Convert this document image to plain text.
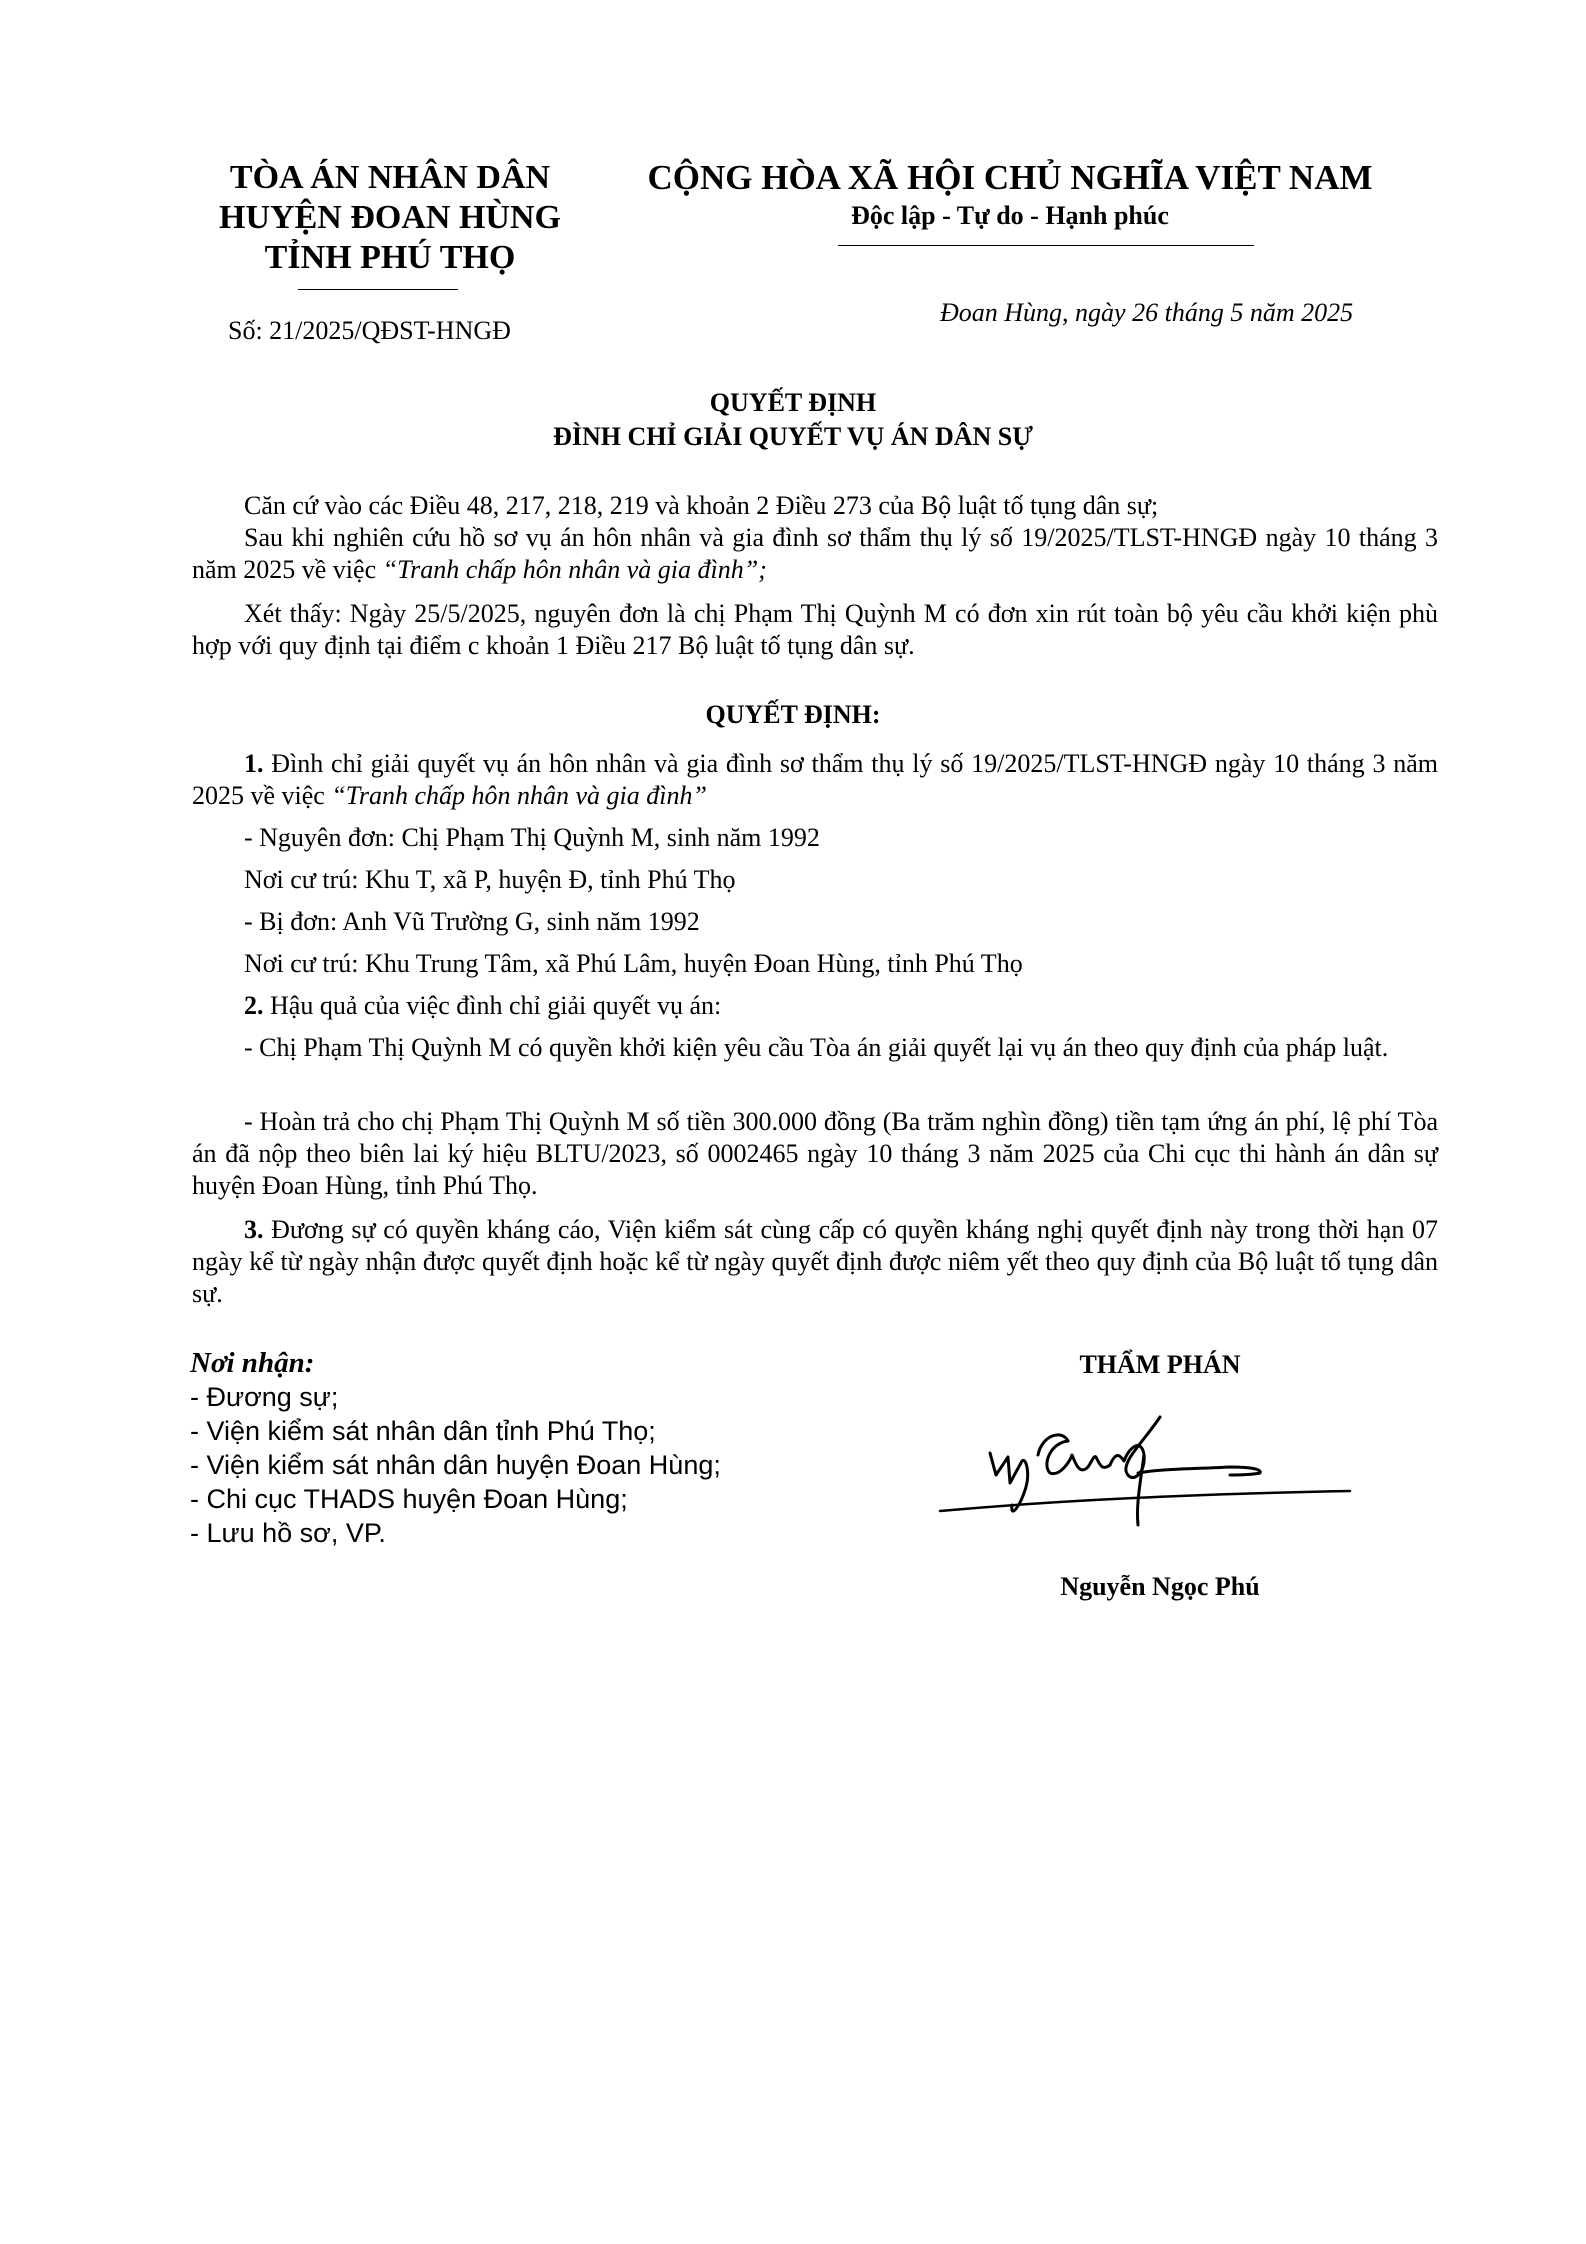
TÒA ÁN NHÂN DÂN
HUYỆN ĐOAN HÙNG
TỈNH PHÚ THỌ
Số: 21/2025/QĐST-HNGĐ
CỘNG HÒA XÃ HỘI CHỦ NGHĨA VIỆT NAM
Độc lập - Tự do - Hạnh phúc
Đoan Hùng, ngày 26 tháng 5 năm 2025
QUYẾT ĐỊNH
ĐÌNH CHỈ GIẢI QUYẾT VỤ ÁN DÂN SỰ
Căn cứ vào các Điều 48, 217, 218, 219 và khoản 2 Điều 273 của Bộ luật tố tụng dân sự;
Sau khi nghiên cứu hồ sơ vụ án hôn nhân và gia đình sơ thẩm thụ lý số 19/2025/TLST-HNGĐ ngày 10 tháng 3 năm 2025 về việc “Tranh chấp hôn nhân và gia đình”;
Xét thấy: Ngày 25/5/2025, nguyên đơn là chị Phạm Thị Quỳnh M có đơn xin rút toàn bộ yêu cầu khởi kiện phù hợp với quy định tại điểm c khoản 1 Điều 217 Bộ luật tố tụng dân sự.
QUYẾT ĐỊNH:
1. Đình chỉ giải quyết vụ án hôn nhân và gia đình sơ thẩm thụ lý số 19/2025/TLST-HNGĐ ngày 10 tháng 3 năm 2025 về việc “Tranh chấp hôn nhân và gia đình”
- Nguyên đơn: Chị Phạm Thị Quỳnh M, sinh năm 1992
Nơi cư trú: Khu T, xã P, huyện Đ, tỉnh Phú Thọ
- Bị đơn: Anh Vũ Trường G, sinh năm 1992
Nơi cư trú: Khu Trung Tâm, xã Phú Lâm, huyện Đoan Hùng, tỉnh Phú Thọ
2. Hậu quả của việc đình chỉ giải quyết vụ án:
- Chị Phạm Thị Quỳnh M có quyền khởi kiện yêu cầu Tòa án giải quyết lại vụ án theo quy định của pháp luật.
- Hoàn trả cho chị Phạm Thị Quỳnh M số tiền 300.000 đồng (Ba trăm nghìn đồng) tiền tạm ứng án phí, lệ phí Tòa án đã nộp theo biên lai ký hiệu BLTU/2023, số 0002465 ngày 10 tháng 3 năm 2025 của Chi cục thi hành án dân sự huyện Đoan Hùng, tỉnh Phú Thọ.
3. Đương sự có quyền kháng cáo, Viện kiểm sát cùng cấp có quyền kháng nghị quyết định này trong thời hạn 07 ngày kể từ ngày nhận được quyết định hoặc kể từ ngày quyết định được niêm yết theo quy định của Bộ luật tố tụng dân sự.
Nơi nhận:
- Đương sự;
- Viện kiểm sát nhân dân tỉnh Phú Thọ;
- Viện kiểm sát nhân dân huyện Đoan Hùng;
- Chi cục THADS huyện Đoan Hùng;
- Lưu hồ sơ, VP.
THẨM PHÁN
Nguyễn Ngọc Phú
